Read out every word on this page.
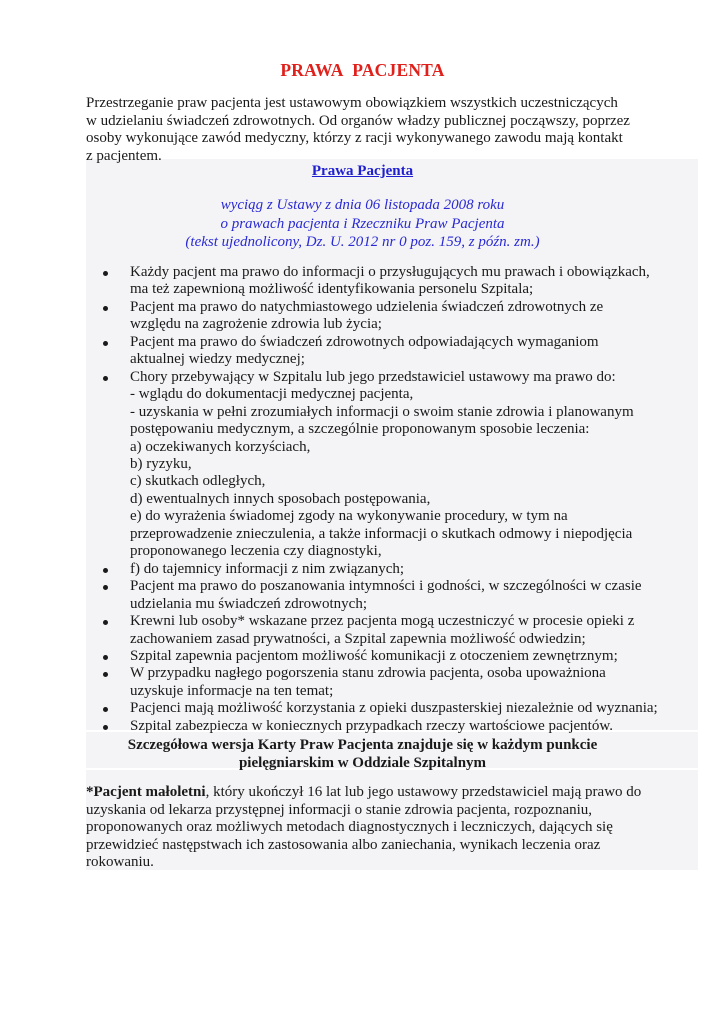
PRAWA PACJENTA
Przestrzeganie praw pacjenta jest ustawowym obowiązkiem wszystkich uczestniczących
w udzielaniu świadczeń zdrowotnych. Od organów władzy publicznej począwszy, poprzez
osoby wykonujące zawód medyczny, którzy z racji wykonywanego zawodu mają kontakt
z pacjentem.
Prawa Pacjenta
wyciąg z Ustawy z dnia 06 listopada 2008 roku
o prawach pacjenta i Rzeczniku Praw Pacjenta
(tekst ujednolicony, Dz. U. 2012 nr 0 poz. 159, z późn. zm.)
Każdy pacjent ma prawo do informacji o przysługujących mu prawach i obowiązkach,
ma też zapewnioną możliwość identyfikowania personelu Szpitala;
Pacjent ma prawo do natychmiastowego udzielenia świadczeń zdrowotnych ze
względu na zagrożenie zdrowia lub życia;
Pacjent ma prawo do świadczeń zdrowotnych odpowiadających wymaganiom
aktualnej wiedzy medycznej;
Chory przebywający w Szpitalu lub jego przedstawiciel ustawowy ma prawo do:
- wglądu do dokumentacji medycznej pacjenta,
- uzyskania w pełni zrozumiałych informacji o swoim stanie zdrowia i planowanym
postępowaniu medycznym, a szczególnie proponowanym sposobie leczenia:
a) oczekiwanych korzyściach,
b) ryzyku,
c) skutkach odległych,
d) ewentualnych innych sposobach postępowania,
e) do wyrażenia świadomej zgody na wykonywanie procedury, w tym na
przeprowadzenie znieczulenia, a także informacji o skutkach odmowy i niepodjęcia
proponowanego leczenia czy diagnostyki,
f) do tajemnicy informacji z nim związanych;
Pacjent ma prawo do poszanowania intymności i godności, w szczególności w czasie
udzielania mu świadczeń zdrowotnych;
Krewni lub osoby* wskazane przez pacjenta mogą uczestniczyć w procesie opieki z
zachowaniem zasad prywatności, a Szpital zapewnia możliwość odwiedzin;
Szpital zapewnia pacjentom możliwość komunikacji z otoczeniem zewnętrznym;
W przypadku nagłego pogorszenia stanu zdrowia pacjenta, osoba upoważniona
uzyskuje informacje na ten temat;
Pacjenci mają możliwość korzystania z opieki duszpasterskiej niezależnie od wyznania;
Szpital zabezpiecza w koniecznych przypadkach rzeczy wartościowe pacjentów.
Szczegółowa wersja Karty Praw Pacjenta znajduje się w każdym punkcie
pielęgniarskim w Oddziale Szpitalnym
*Pacjent małoletni, który ukończył 16 lat lub jego ustawowy przedstawiciel mają prawo do
uzyskania od lekarza przystępnej informacji o stanie zdrowia pacjenta, rozpoznaniu,
proponowanych oraz możliwych metodach diagnostycznych i leczniczych, dających się
przewidzieć następstwach ich zastosowania albo zaniechania, wynikach leczenia oraz
rokowaniu.
